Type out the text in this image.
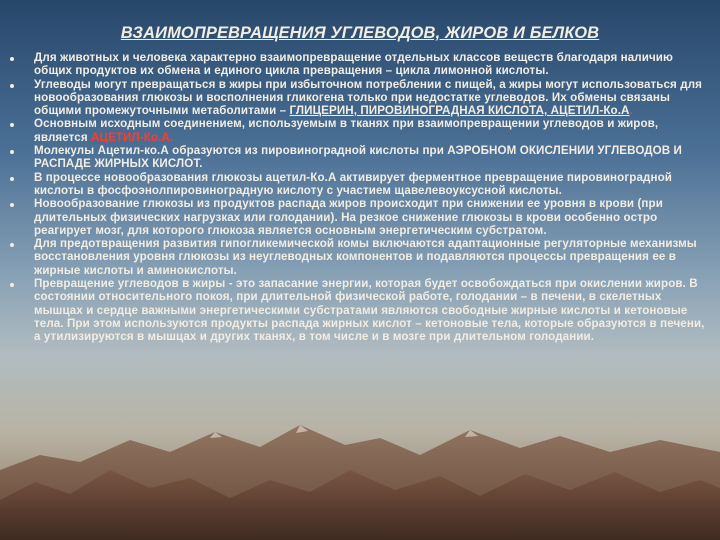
ВЗАИМОПРЕВРАЩЕНИЯ УГЛЕВОДОВ, ЖИРОВ И БЕЛКОВ
Для животных и человека характерно взаимопревращение отдельных классов веществ благодаря наличию общих продуктов их обмена и единого цикла превращения – цикла лимонной кислоты.
Углеводы могут превращаться в жиры при избыточном потреблении с пищей, а жиры могут использоваться для новообразования глюкозы и восполнения гликогена только при недостатке углеводов. Их обмены связаны общими промежуточными метаболитами – ГЛИЦЕРИН, ПИРОВИНОГРАДНАЯ КИСЛОТА, АЦЕТИЛ-Ко.А.
Основным исходным соединением, используемым в тканях при взаимопревращении углеводов и жиров, является АЦЕТИЛ-Ко.А.
Молекулы Ацетил-ко.А образуются из пировиноградной кислоты при АЭРОБНОМ ОКИСЛЕНИИ УГЛЕВОДОВ И РАСПАДЕ ЖИРНЫХ КИСЛОТ.
В процессе новообразования глюкозы ацетил-Ко.А активирует ферментное превращение пировиноградной кислоты в фосфоэнолпировиноградную кислоту с участием щавелевоуксусной кислоты.
Новообразование глюкозы из продуктов распада жиров происходит при снижении ее уровня в крови (при длительных физических нагрузках или голодании). На резкое снижение глюкозы в крови особенно остро реагирует мозг, для которого глюкоза является основным энергетическим субстратом.
Для предотвращения развития гипогликемической комы включаются адаптационные регуляторные механизмы восстановления уровня глюкозы из неуглеводных компонентов и подавляются процессы превращения ее в жирные кислоты и аминокислоты.
Превращение углеводов в жиры - это запасание энергии, которая будет освобождаться при окислении жиров. В состоянии относительного покоя, при длительной физической работе, голодании – в печени, в скелетных мышцах и сердце важными энергетическими субстратами являются свободные жирные кислоты и кетоновые тела. При этом используются продукты распада жирных кислот – кетоновые тела, которые образуются в печени, а утилизируются в мышцах и других тканях, в том числе и в мозге при длительном голодании.
